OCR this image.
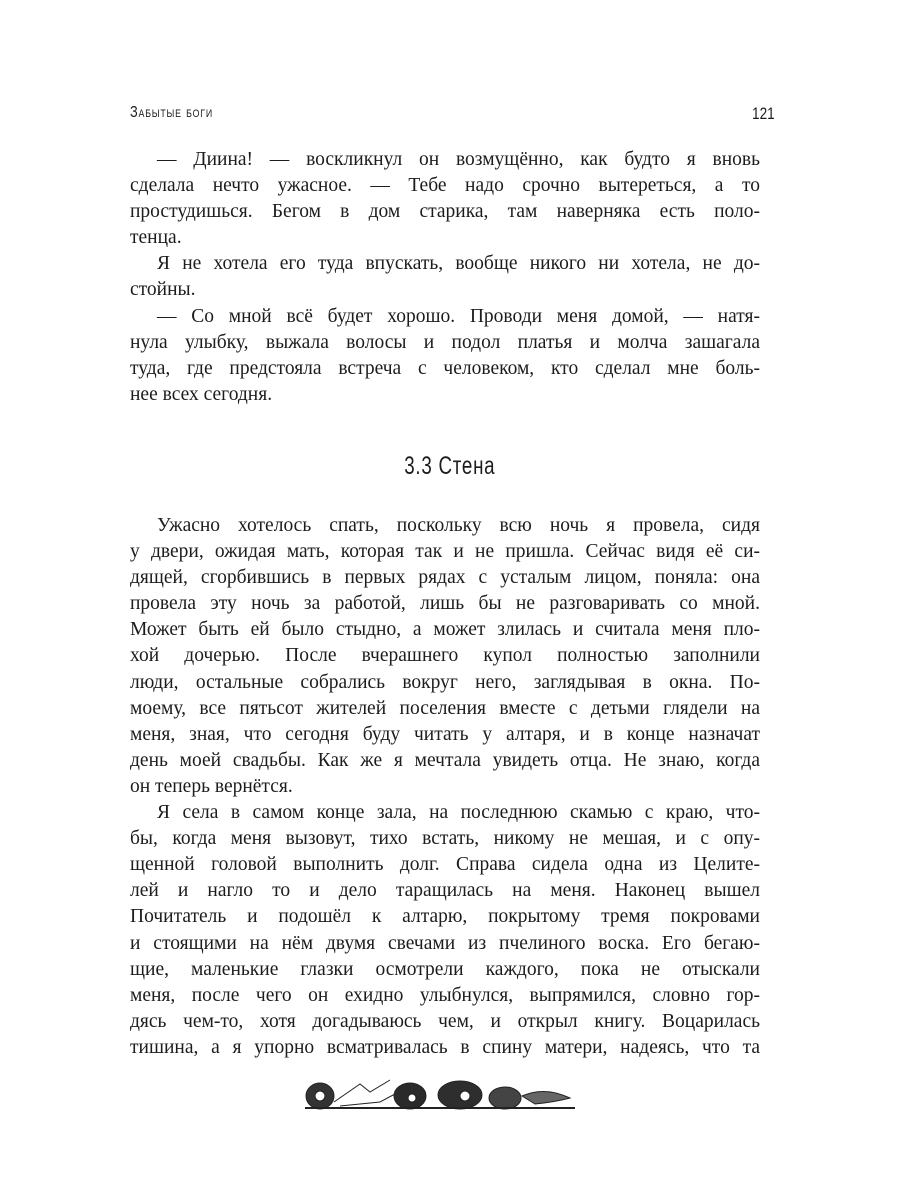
Забытые боги	121
— Диина! — воскликнул он возмущённо, как будто я вновь
сделала нечто ужасное. — Тебе надо срочно вытереться, а то
простудишься. Бегом в дом старика, там наверняка есть поло-
тенца.
Я не хотела его туда впускать, вообще никого ни хотела, не до-
стойны.
— Со мной всё будет хорошо. Проводи меня домой, — натя-
нула улыбку, выжала волосы и подол платья и молча зашагала
туда, где предстояла встреча с человеком, кто сделал мне боль-
нее всех сегодня.
3.3 Стена
Ужасно хотелось спать, поскольку всю ночь я провела, сидя
у двери, ожидая мать, которая так и не пришла. Сейчас видя её си-
дящей, сгорбившись в первых рядах с усталым лицом, поняла: она
провела эту ночь за работой, лишь бы не разговаривать со мной.
Может быть ей было стыдно, а может злилась и считала меня пло-
хой дочерью. После вчерашнего купол полностью заполнили
люди, остальные собрались вокруг него, заглядывая в окна. По-
моему, все пятьсот жителей поселения вместе с детьми глядели на
меня, зная, что сегодня буду читать у алтаря, и в конце назначат
день моей свадьбы. Как же я мечтала увидеть отца. Не знаю, когда
он теперь вернётся.
Я села в самом конце зала, на последнюю скамью с краю, что-
бы, когда меня вызовут, тихо встать, никому не мешая, и с опу-
щенной головой выполнить долг. Справа сидела одна из Целите-
лей и нагло то и дело таращилась на меня. Наконец вышел
Почитатель и подошёл к алтарю, покрытому тремя покровами
и стоящими на нём двумя свечами из пчелиного воска. Его бегаю-
щие, маленькие глазки осмотрели каждого, пока не отыскали
меня, после чего он ехидно улыбнулся, выпрямился, словно гор-
дясь чем-то, хотя догадываюсь чем, и открыл книгу. Воцарилась
тишина, а я упорно всматривалась в спину матери, надеясь, что та
